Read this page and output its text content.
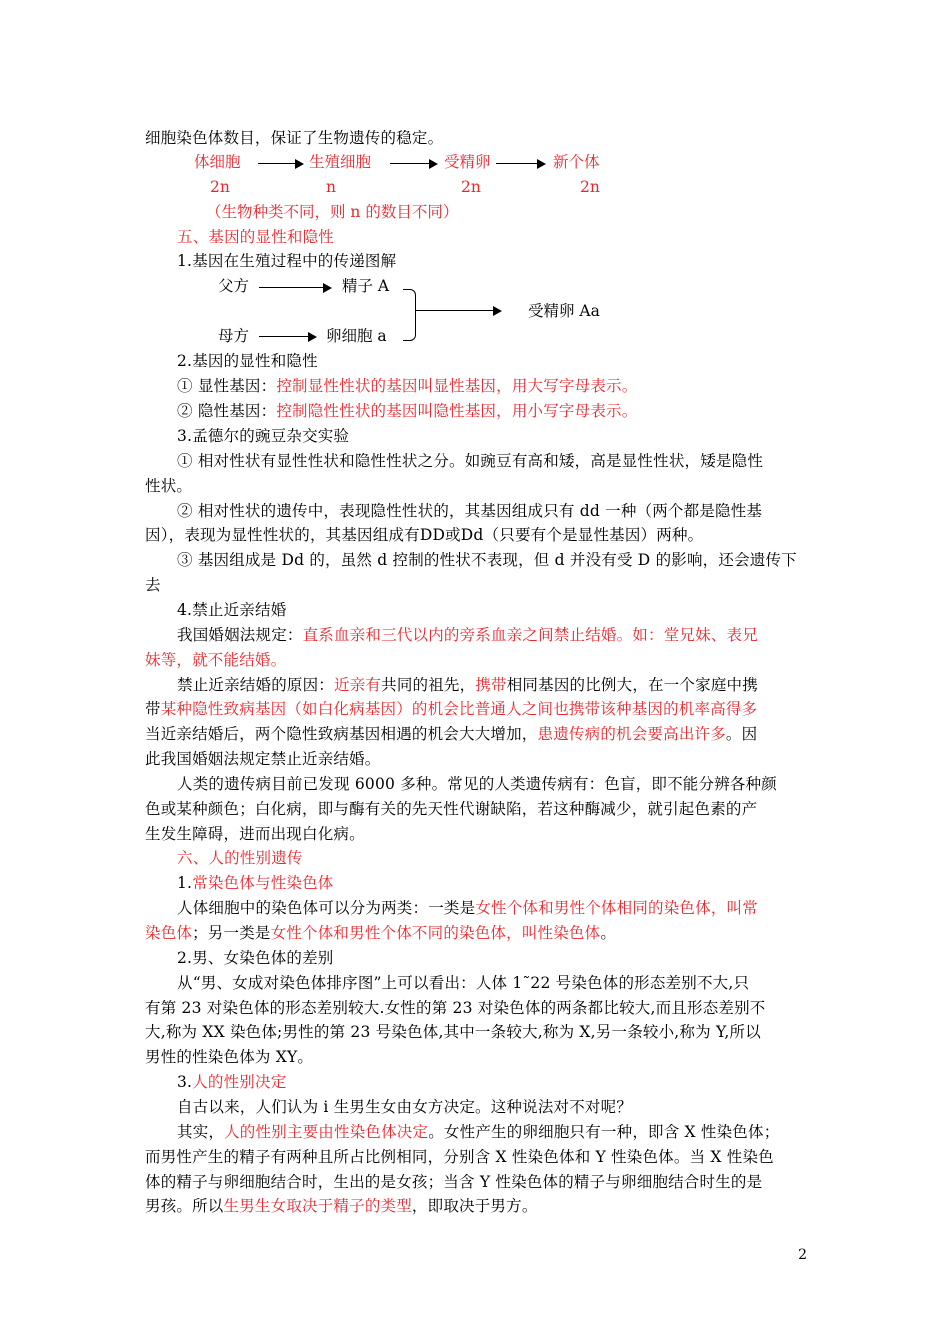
细胞染色体数目，保证了生物遗传的稳定。
体细胞	生殖细胞	受精卵	新个体
2n	n	2n	2n
（生物种类不同，则 n 的数目不同）
五、基因的显性和隐性
1.基因在生殖过程中的传递图解
父方	精子 A
母方	卵细胞 a
受精卵 Aa
2.基因的显性和隐性
① 显性基因：控制显性性状的基因叫显性基因，用大写字母表示。
② 隐性基因：控制隐性性状的基因叫隐性基因，用小写字母表示。
3.孟德尔的豌豆杂交实验
① 相对性状有显性性状和隐性性状之分。如豌豆有高和矮，高是显性性状，矮是隐性
性状。
② 相对性状的遗传中，表现隐性性状的，其基因组成只有 dd 一种（两个都是隐性基
因），表现为显性性状的，其基因组成有DD或Dd（只要有个是显性基因）两种。
③ 基因组成是 Dd 的，虽然 d 控制的性状不表现，但 d 并没有受 D 的影响，还会遗传下
去
4.禁止近亲结婚
我国婚姻法规定：直系血亲和三代以内的旁系血亲之间禁止结婚。如：堂兄妹、表兄
妹等，就不能结婚。
禁止近亲结婚的原因：近亲有共同的祖先，携带相同基因的比例大，在一个家庭中携
带某种隐性致病基因（如白化病基因）的机会比普通人之间也携带该种基因的机率高得多
当近亲结婚后，两个隐性致病基因相遇的机会大大增加，患遗传病的机会要高出许多。因
此我国婚姻法规定禁止近亲结婚。
人类的遗传病目前已发现 6000 多种。常见的人类遗传病有：色盲，即不能分辨各种颜
色或某种颜色；白化病，即与酶有关的先天性代谢缺陷，若这种酶减少，就引起色素的产
生发生障碍，进而出现白化病。
六、人的性别遗传
1.常染色体与性染色体
人体细胞中的染色体可以分为两类：一类是女性个体和男性个体相同的染色体，叫常
染色体；另一类是女性个体和男性个体不同的染色体，叫性染色体。
2.男、女染色体的差别
从“男、女成对染色体排序图”上可以看出：人体 1˜22 号染色体的形态差别不大,只
有第 23 对染色体的形态差别较大.女性的第 23 对染色体的两条都比较大,而且形态差别不
大,称为 XX 染色体;男性的第 23 号染色体,其中一条较大,称为 X,另一条较小,称为 Y,所以
男性的性染色体为 XY。
3.人的性别决定
自古以来，人们认为 i 生男生女由女方决定。这种说法对不对呢？
其实，人的性别主要由性染色体决定。女性产生的卵细胞只有一种，即含 X 性染色体；
而男性产生的精子有两种且所占比例相同，分别含 X 性染色体和 Y 性染色体。当 X 性染色
体的精子与卵细胞结合时，生出的是女孩；当含 Y 性染色体的精子与卵细胞结合时生的是
男孩。所以生男生女取决于精子的类型，即取决于男方。
2
